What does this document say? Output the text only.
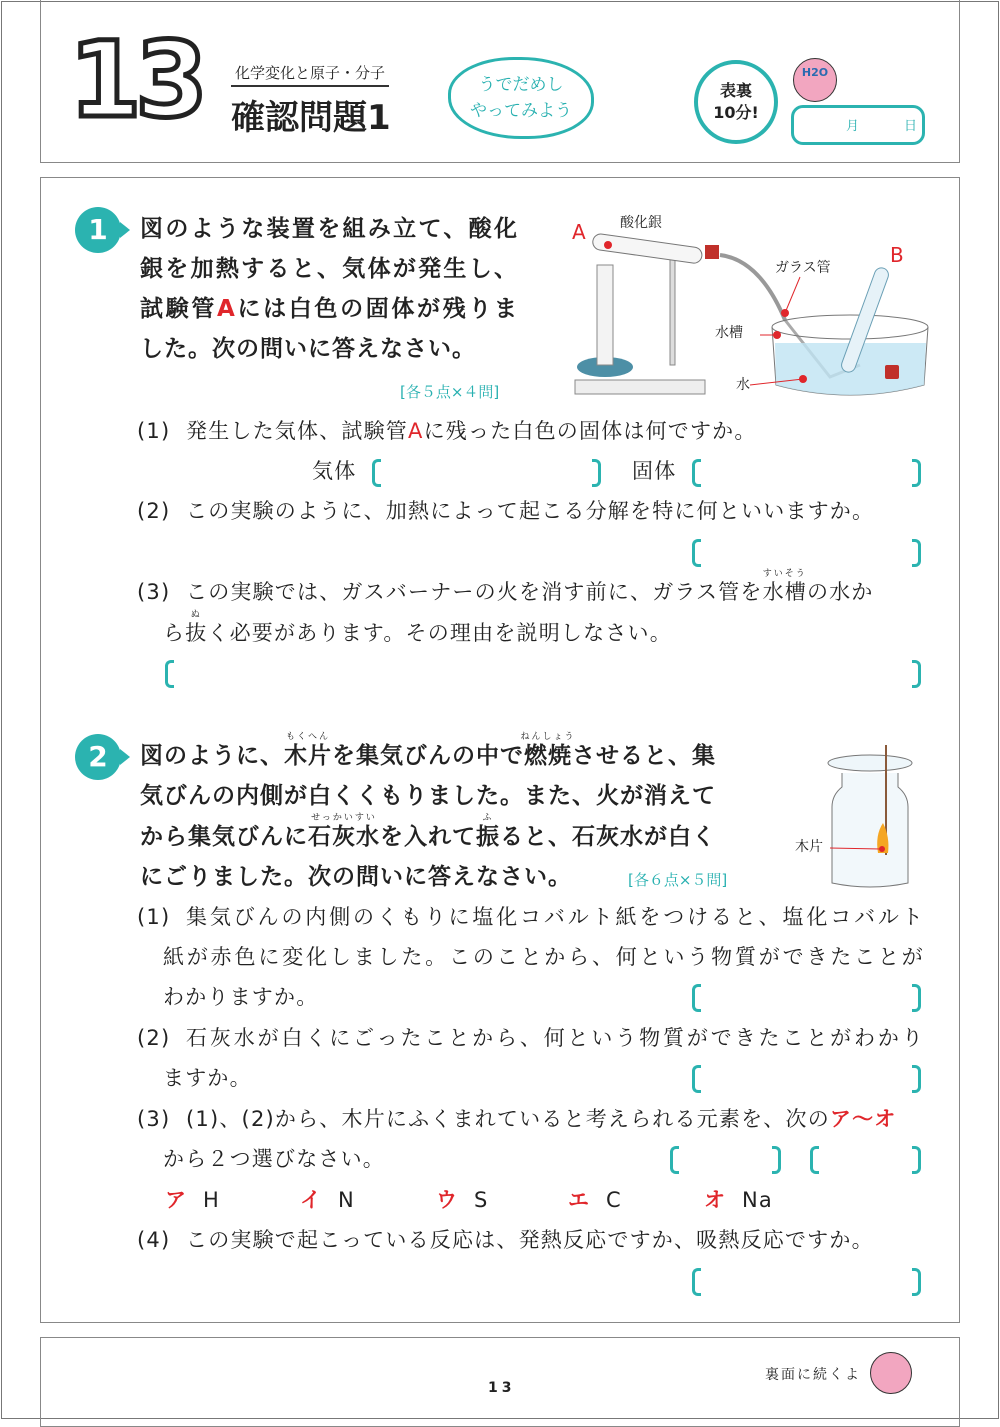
13 化学変化と原子・分子
確認問題1
うでだめし
やってみよう
表裏
10分!
H2O
月	日
1	図のような装置を組み立て、酸化
銀を加熱すると、気体が発生し、
試験管Aには白色の固体が残りま
した。次の問いに答えなさい。
[各５点×４問]
A 酸化銀
B
ガラス管
水槽
水
(1) 発生した気体、試験管Aに残った白色の固体は何ですか。
気体	固体
(2) この実験のように、加熱によって起こる分解を特に何といいますか。
(3) この実験では、ガスバーナーの火を消す前に、ガラス管を水槽
すいそう
の水か
ら抜
ぬ
く必要があります。その理由を説明しなさい。
2	図のように、木片
もくへん
を集気びんの中で燃焼
ねんしょう
させると、集
気びんの内側が白くくもりました。また、火が消えて
から集気びんに石灰水
せっかいすい
を入れて振
ふ
ると、石灰水が白く
にごりました。次の問いに答えなさい。	[各６点×５問]
木片
(1) 集気びんの内側のくもりに塩化コバルト紙をつけると、塩化コバルト
紙が赤色に変化しました。このことから、何という物質ができたことが
わかりますか。
(2) 石灰水が白くにごったことから、何という物質ができたことがわかり
ますか。
(3) (1)、(2)から、木片にふくまれていると考えられる元素を、次のア～オ
から２つ選びなさい。
ア H	イ N	ウ S	エ C	オ Na
(4) この実験で起こっている反応は、発熱反応ですか、吸熱反応ですか。
13
裏面に続くよ
